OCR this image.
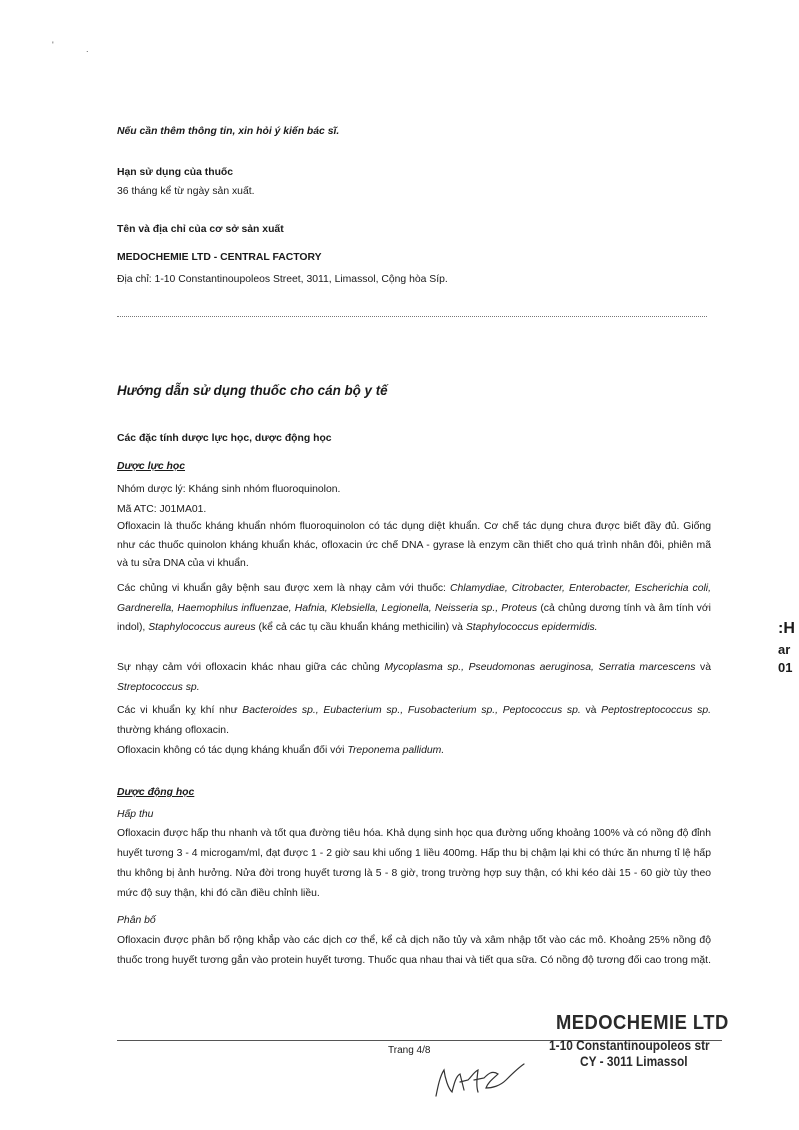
'	.
Nếu cần thêm thông tin, xin hỏi ý kiến bác sĩ.
Hạn sử dụng của thuốc
36 tháng kể từ ngày sản xuất.
Tên và địa chỉ của cơ sở sản xuất
MEDOCHEMIE LTD - CENTRAL FACTORY
Địa chỉ: 1-10 Constantinoupoleos Street, 3011, Limassol, Cộng hòa Síp.
Hướng dẫn sử dụng thuốc cho cán bộ y tế
Các đặc tính dược lực học, dược động học
Dược lực học
Nhóm dược lý: Kháng sinh nhóm fluoroquinolon.
Mã ATC: J01MA01.
Ofloxacin là thuốc kháng khuẩn nhóm fluoroquinolon có tác dụng diệt khuẩn. Cơ chế tác dụng chưa được biết đầy đủ. Giống như các thuốc quinolon kháng khuẩn khác, ofloxacin ức chế DNA - gyrase là enzym cần thiết cho quá trình nhân đôi, phiên mã và tu sửa DNA của vi khuẩn.
Các chủng vi khuẩn gây bệnh sau được xem là nhạy cảm với thuốc: Chlamydiae, Citrobacter, Enterobacter, Escherichia coli, Gardnerella, Haemophilus influenzae, Hafnia, Klebsiella, Legionella, Neisseria sp., Proteus (cả chủng dương tính và âm tính với indol), Staphylococcus aureus (kể cả các tụ cầu khuẩn kháng methicilin) và Staphylococcus epidermidis.
Sự nhạy cảm với ofloxacin khác nhau giữa các chủng Mycoplasma sp., Pseudomonas aeruginosa, Serratia marcescens và Streptococcus sp.
Các vi khuẩn kỵ khí như Bacteroides sp., Eubacterium sp., Fusobacterium sp., Peptococcus sp. và Peptostreptococcus sp. thường kháng ofloxacin.
Ofloxacin không có tác dụng kháng khuẩn đối với Treponema pallidum.
Dược động học
Hấp thu
Ofloxacin được hấp thu nhanh và tốt qua đường tiêu hóa. Khả dụng sinh học qua đường uống khoảng 100% và có nồng độ đỉnh huyết tương 3 - 4 microgam/ml, đạt được 1 - 2 giờ sau khi uống 1 liều 400mg. Hấp thu bị chậm lại khi có thức ăn nhưng tỉ lệ hấp thu không bị ảnh hưởng. Nửa đời trong huyết tương là 5 - 8 giờ, trong trường hợp suy thận, có khi kéo dài 15 - 60 giờ tùy theo mức độ suy thận, khi đó cần điều chỉnh liều.
Phân bố
Ofloxacin được phân bố rộng khắp vào các dịch cơ thể, kể cả dịch não tủy và xâm nhập tốt vào các mô. Khoảng 25% nồng độ thuốc trong huyết tương gắn vào protein huyết tương. Thuốc qua nhau thai và tiết qua sữa. Có nồng độ tương đối cao trong mặt.
Trang 4/8
MEDOCHEMIE LTD
1-10 Constantinoupoleos str
CY - 3011 Limassol
:H
ar
01
